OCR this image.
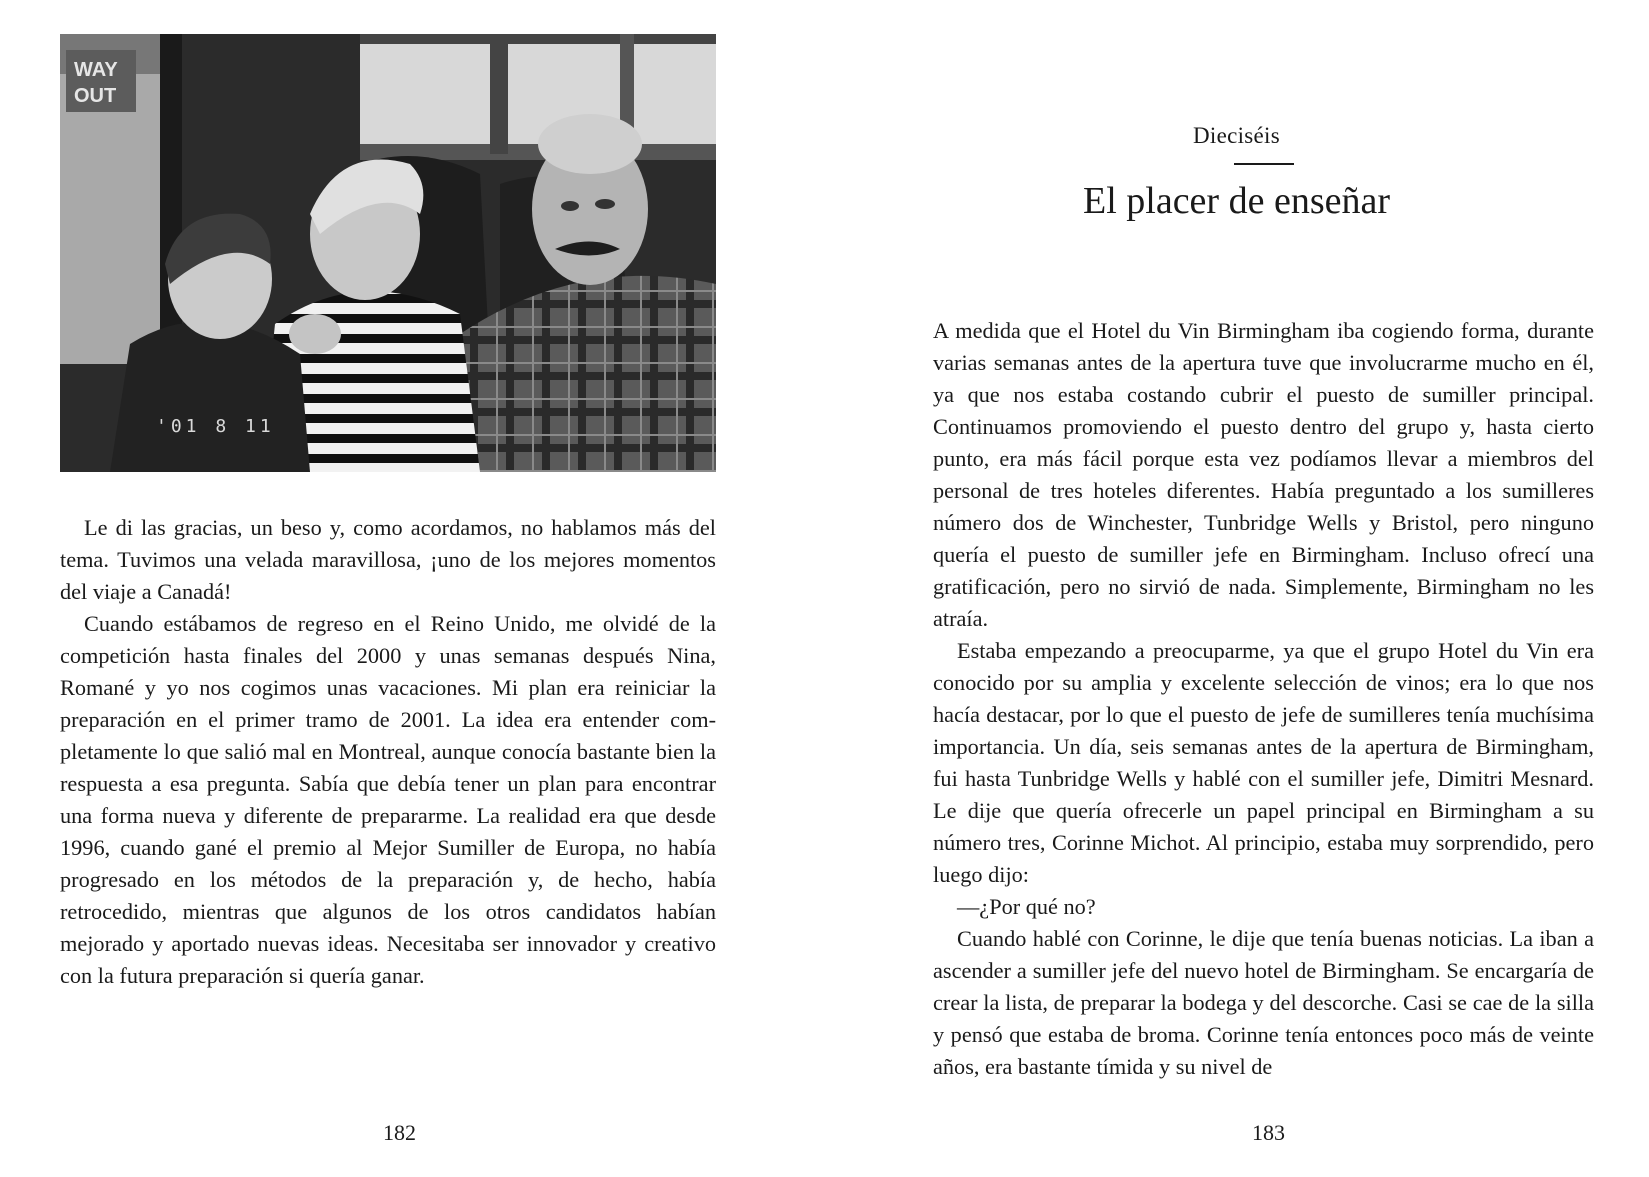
WAY
OUT
'01 8 11

Le di las gracias, un beso y, como acordamos, no hablamos más del tema. Tuvimos una velada maravillosa, ¡uno de los mejores momentos del viaje a Canadá!

Cuando estábamos de regreso en el Reino Unido, me olvidé de la competición hasta finales del 2000 y unas semanas después Nina, Romané y yo nos cogimos unas vacaciones. Mi plan era reiniciar la preparación en el primer tramo de 2001. La idea era entender completamente lo que salió mal en Montreal, aunque conocía bastante bien la respuesta a esa pregunta. Sabía que debía tener un plan para encontrar una forma nueva y diferente de prepararme. La realidad era que desde 1996, cuando gané el premio al Mejor Sumiller de Europa, no había progresado en los métodos de la preparación y, de hecho, había retrocedido, mientras que algunos de los otros candidatos habían mejorado y aportado nuevas ideas. Necesitaba ser innovador y creativo con la futura preparación si quería ganar.

182
Dieciséis
El placer de enseñar

A medida que el Hotel du Vin Birmingham iba cogiendo forma, durante varias semanas antes de la apertura tuve que involucrarme mucho en él, ya que nos estaba costando cubrir el puesto de sumiller principal. Continuamos promoviendo el puesto dentro del grupo y, hasta cierto punto, era más fácil porque esta vez podíamos llevar a miembros del personal de tres hoteles diferentes. Había preguntado a los sumilleres número dos de Winchester, Tunbridge Wells y Bristol, pero ninguno quería el puesto de sumiller jefe en Birmingham. Incluso ofrecí una gratificación, pero no sirvió de nada. Simplemente, Birmingham no les atraía.

Estaba empezando a preocuparme, ya que el grupo Hotel du Vin era conocido por su amplia y excelente selección de vinos; era lo que nos hacía destacar, por lo que el puesto de jefe de sumilleres tenía muchísima importancia. Un día, seis semanas antes de la apertura de Birmingham, fui hasta Tunbridge Wells y hablé con el sumiller jefe, Dimitri Mesnard. Le dije que quería ofrecerle un papel principal en Birmingham a su número tres, Corinne Michot. Al principio, estaba muy sorprendido, pero luego dijo:

—¿Por qué no?

Cuando hablé con Corinne, le dije que tenía buenas noticias. La iban a ascender a sumiller jefe del nuevo hotel de Birmingham. Se encargaría de crear la lista, de preparar la bodega y del descorche. Casi se cae de la silla y pensó que estaba de broma. Corinne tenía entonces poco más de veinte años, era bastante tímida y su nivel de

183
